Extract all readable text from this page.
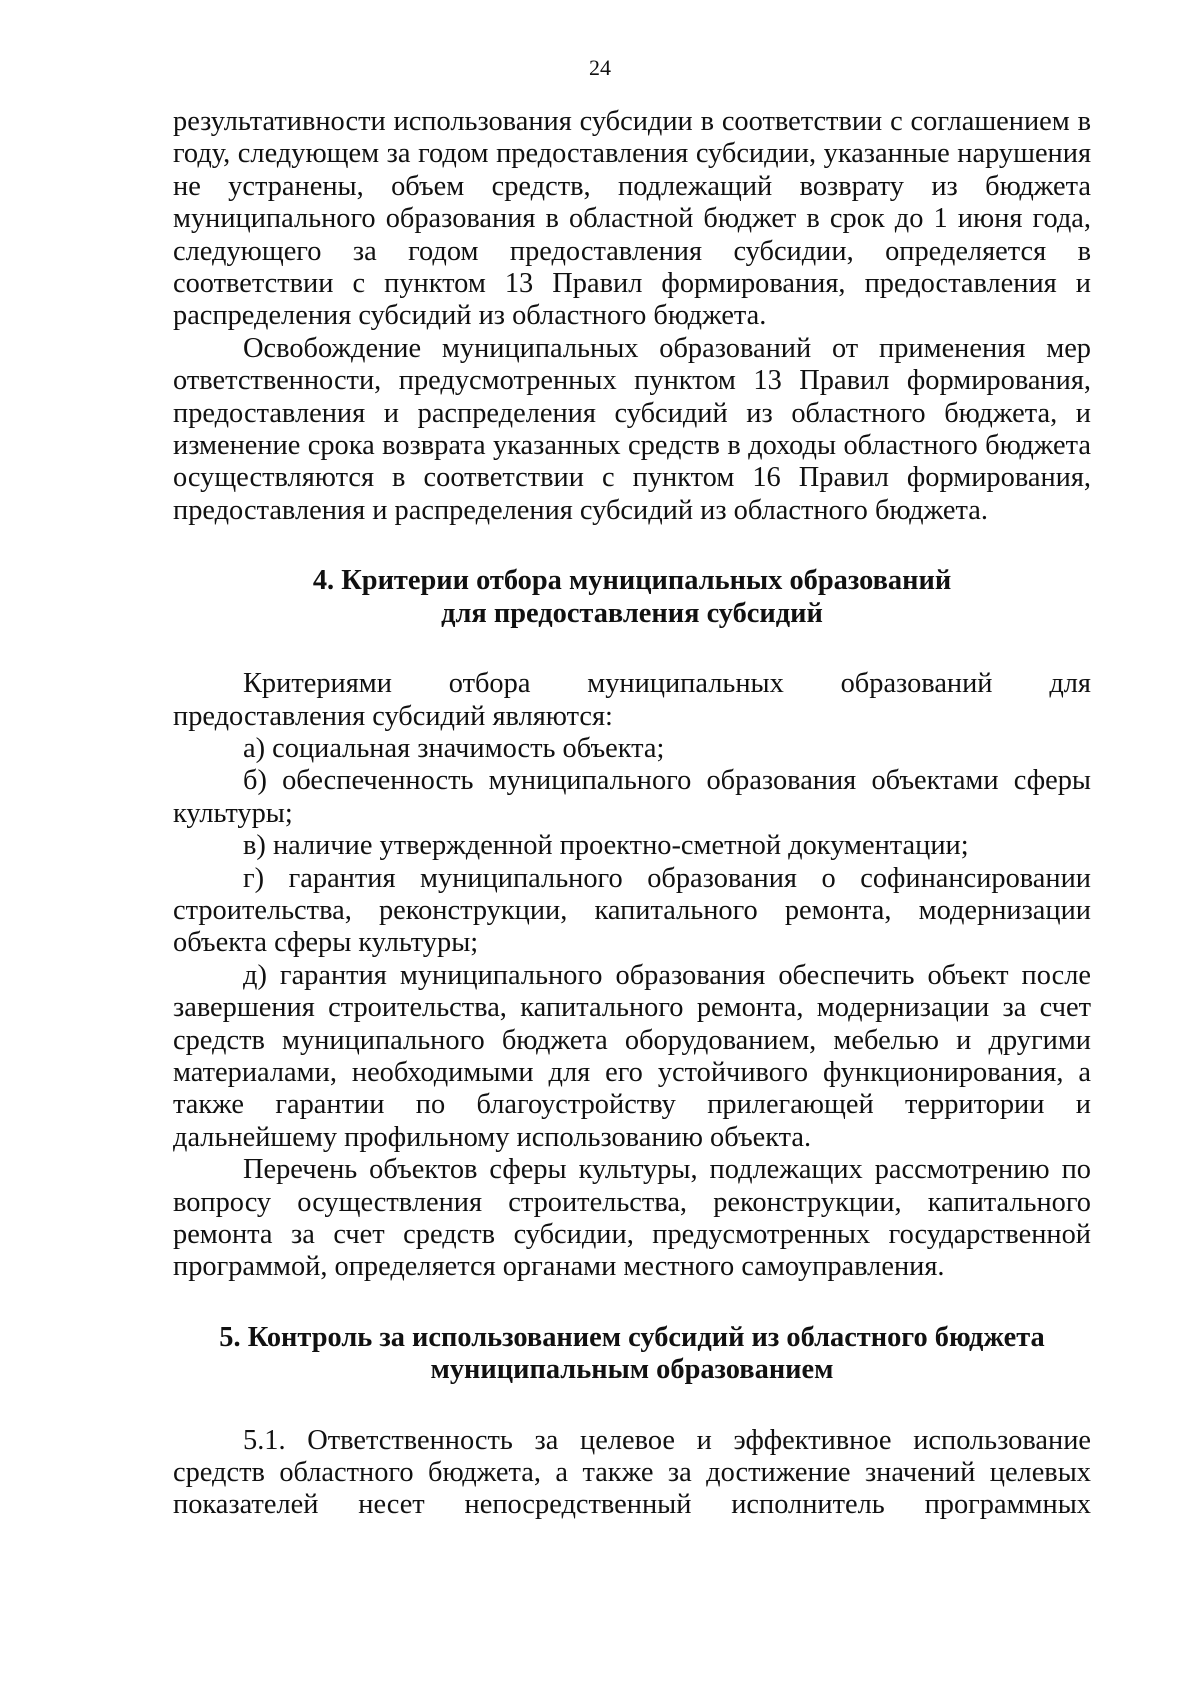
24

результативности использования субсидии в соответствии с соглашением в году, следующем за годом предоставления субсидии, указанные нарушения не устранены, объем средств, подлежащий возврату из бюджета муниципального образования в областной бюджет в срок до 1 июня года, следующего за годом предоставления субсидии, определяется в соответствии с пунктом 13 Правил формирования, предоставления и распределения субсидий из областного бюджета.

Освобождение муниципальных образований от применения мер ответственности, предусмотренных пунктом 13 Правил формирования, предоставления и распределения субсидий из областного бюджета, и изменение срока возврата указанных средств в доходы областного бюджета осуществляются в соответствии с пунктом 16 Правил формирования, предоставления и распределения субсидий из областного бюджета.

4. Критерии отбора муниципальных образований
для предоставления субсидий

Критериями отбора муниципальных образований для предоставления субсидий являются:

а) социальная значимость объекта;

б) обеспеченность муниципального образования объектами сферы культуры;

в) наличие утвержденной проектно-сметной документации;

г) гарантия муниципального образования о софинансировании строительства, реконструкции, капитального ремонта, модернизации объекта сферы культуры;

д) гарантия муниципального образования обеспечить объект после завершения строительства, капитального ремонта, модернизации за счет средств муниципального бюджета оборудованием, мебелью и другими материалами, необходимыми для его устойчивого функционирования, а также гарантии по благоустройству прилегающей территории и дальнейшему профильному использованию объекта.

Перечень объектов сферы культуры, подлежащих рассмотрению по вопросу осуществления строительства, реконструкции, капитального ремонта за счет средств субсидии, предусмотренных государственной программой, определяется органами местного самоуправления.

5. Контроль за использованием субсидий из областного бюджета
муниципальным образованием

5.1. Ответственность за целевое и эффективное использование средств областного бюджета, а также за достижение значений целевых показателей несет непосредственный исполнитель программных
